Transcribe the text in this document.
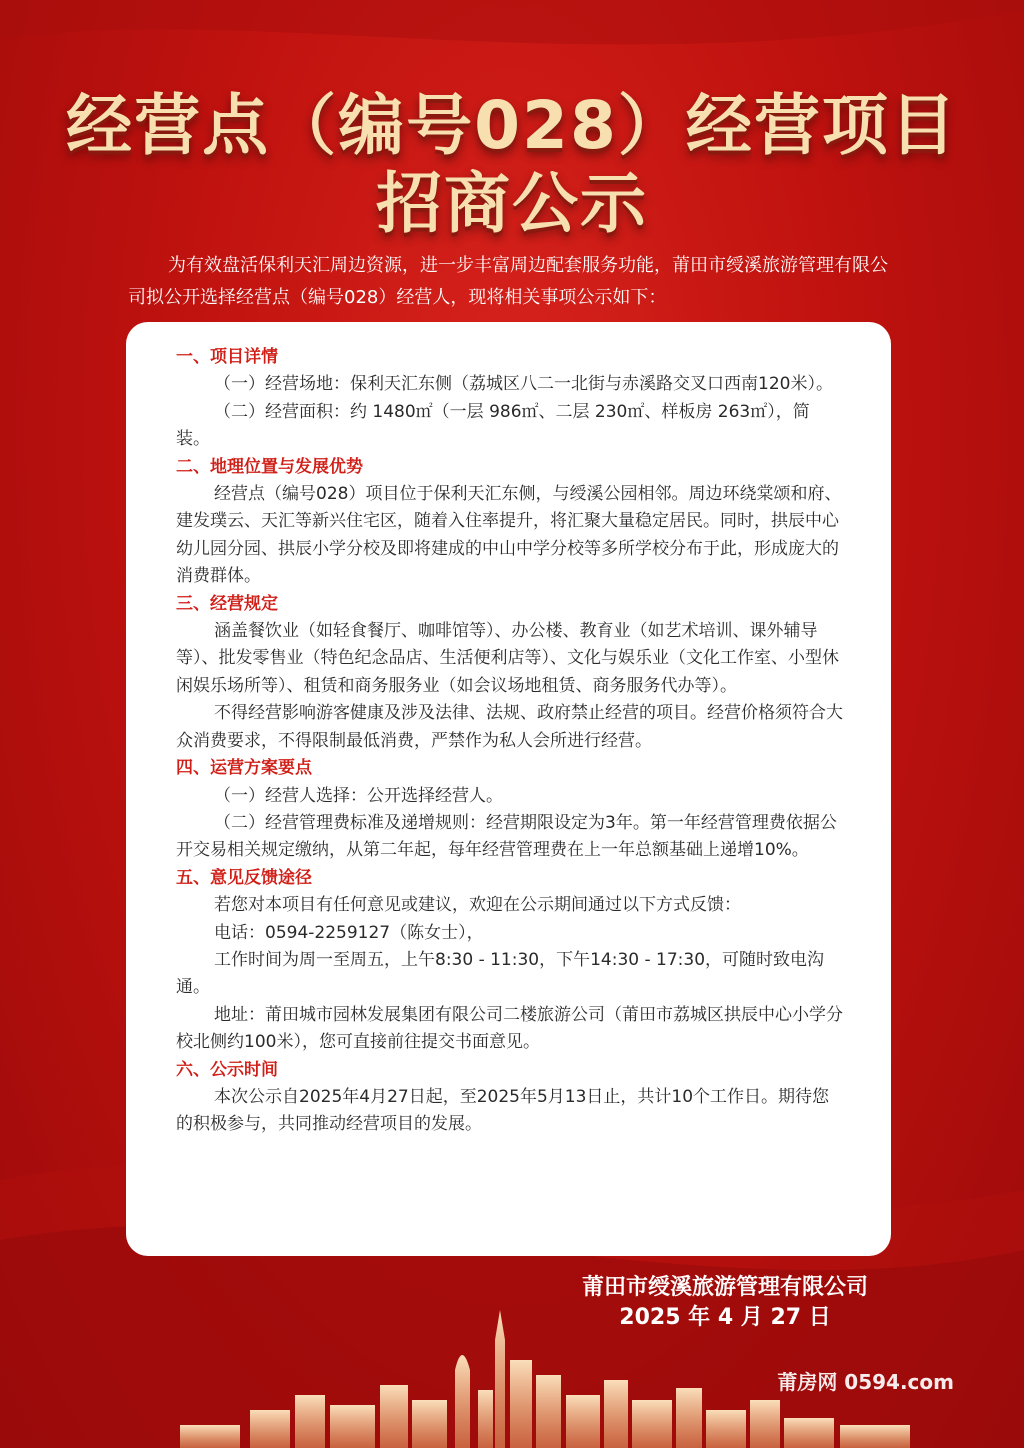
经营点（编号028）经营项目
招商公示

为有效盘活保利天汇周边资源，进一步丰富周边配套服务功能，莆田市绶溪旅游管理有限公司拟公开选择经营点（编号028）经营人，现将相关事项公示如下：

一、项目详情

（一）经营场地：保利天汇东侧（荔城区八二一北街与赤溪路交叉口西南120米）。

（二）经营面积：约 1480㎡（一层 986㎡、二层 230㎡、样板房 263㎡），简装。

二、地理位置与发展优势

经营点（编号028）项目位于保利天汇东侧，与绶溪公园相邻。周边环绕棠颂和府、建发璞云、天汇等新兴住宅区，随着入住率提升，将汇聚大量稳定居民。同时，拱辰中心幼儿园分园、拱辰小学分校及即将建成的中山中学分校等多所学校分布于此，形成庞大的消费群体。

三、经营规定

涵盖餐饮业（如轻食餐厅、咖啡馆等）、办公楼、教育业（如艺术培训、课外辅导等）、批发零售业（特色纪念品店、生活便利店等）、文化与娱乐业（文化工作室、小型休闲娱乐场所等）、租赁和商务服务业（如会议场地租赁、商务服务代办等）。

不得经营影响游客健康及涉及法律、法规、政府禁止经营的项目。经营价格须符合大众消费要求，不得限制最低消费，严禁作为私人会所进行经营。

四、运营方案要点

（一）经营人选择：公开选择经营人。

（二）经营管理费标准及递增规则：经营期限设定为3年。第一年经营管理费依据公开交易相关规定缴纳，从第二年起，每年经营管理费在上一年总额基础上递增10%。

五、意见反馈途径

若您对本项目有任何意见或建议，欢迎在公示期间通过以下方式反馈：

电话：0594-2259127（陈女士），

工作时间为周一至周五，上午8:30 - 11:30，下午14:30 - 17:30，可随时致电沟通。

地址：莆田城市园林发展集团有限公司二楼旅游公司（莆田市荔城区拱辰中心小学分校北侧约100米），您可直接前往提交书面意见。

六、公示时间

本次公示自2025年4月27日起，至2025年5月13日止，共计10个工作日。期待您的积极参与，共同推动经营项目的发展。

莆田市绶溪旅游管理有限公司

2025 年 4 月 27 日

莆房网 0594.com
